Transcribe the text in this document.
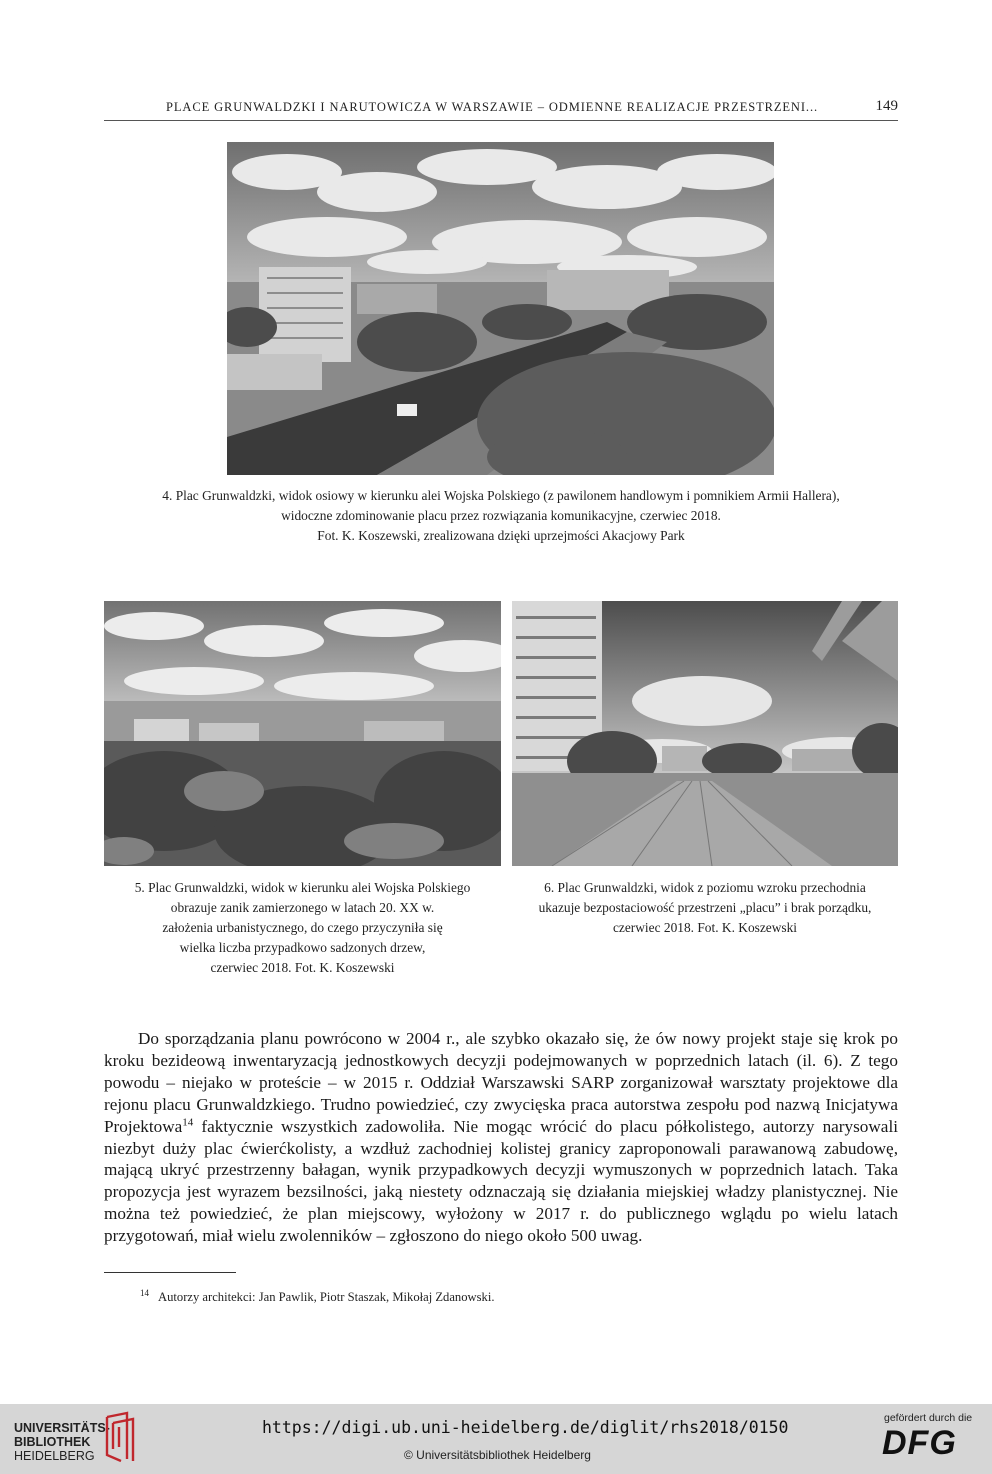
PLACE GRUNWALDZKI I NARUTOWICZA W WARSZAWIE – ODMIENNE REALIZACJE PRZESTRZENI...	149
4. Plac Grunwaldzki, widok osiowy w kierunku alei Wojska Polskiego (z pawilonem handlowym i pomnikiem Armii Hallera),
widoczne zdominowanie placu przez rozwiązania komunikacyjne, czerwiec 2018.
Fot. K. Koszewski, zrealizowana dzięki uprzejmości Akacjowy Park
5. Plac Grunwaldzki, widok w kierunku alei Wojska Polskiego
obrazuje zanik zamierzonego w latach 20. XX w.
założenia urbanistycznego, do czego przyczyniła się
wielka liczba przypadkowo sadzonych drzew,
czerwiec 2018. Fot. K. Koszewski
6. Plac Grunwaldzki, widok z poziomu wzroku przechodnia
ukazuje bezpostaciowość przestrzeni „placu” i brak porządku,
czerwiec 2018. Fot. K. Koszewski

Do sporządzania planu powrócono w 2004 r., ale szybko okazało się, że ów nowy projekt staje się krok po kroku bezideową inwentaryzacją jednostkowych decyzji podejmowanych w poprzednich latach (il. 6). Z tego powodu – niejako w proteście – w 2015 r. Oddział Warszawski SARP zorganizował warsztaty projektowe dla rejonu placu Grunwaldzkiego. Trudno powiedzieć, czy zwycięska praca autorstwa zespołu pod nazwą Inicjatywa Projektowa$^{14}$ faktycznie wszystkich zadowoliła. Nie mogąc wrócić do placu półkolistego, autorzy narysowali niezbyt duży plac ćwierćkolisty, a wzdłuż zachodniej kolistej granicy zaproponowali parawanową zabudowę, mającą ukryć przestrzenny bałagan, wynik przypadkowych decyzji wymuszonych w poprzednich latach. Taka propozycja jest wyrazem bezsilności, jaką niestety odznaczają się działania miejskiej władzy planistycznej. Nie można też powiedzieć, że plan miejscowy, wyłożony w 2017 r. do publicznego wglądu po wielu latach przygotowań, miał wielu zwolenników – zgłoszono do niego około 500 uwag.

$^{14}$ Autorzy architekci: Jan Pawlik, Piotr Staszak, Mikołaj Zdanowski.
UNIVERSITÄTS-
BIBLIOTHEK
HEIDELBERG
https://digi.ub.uni-heidelberg.de/diglit/rhs2018/0150
© Universitätsbibliothek Heidelberg
gefördert durch die
DFG
